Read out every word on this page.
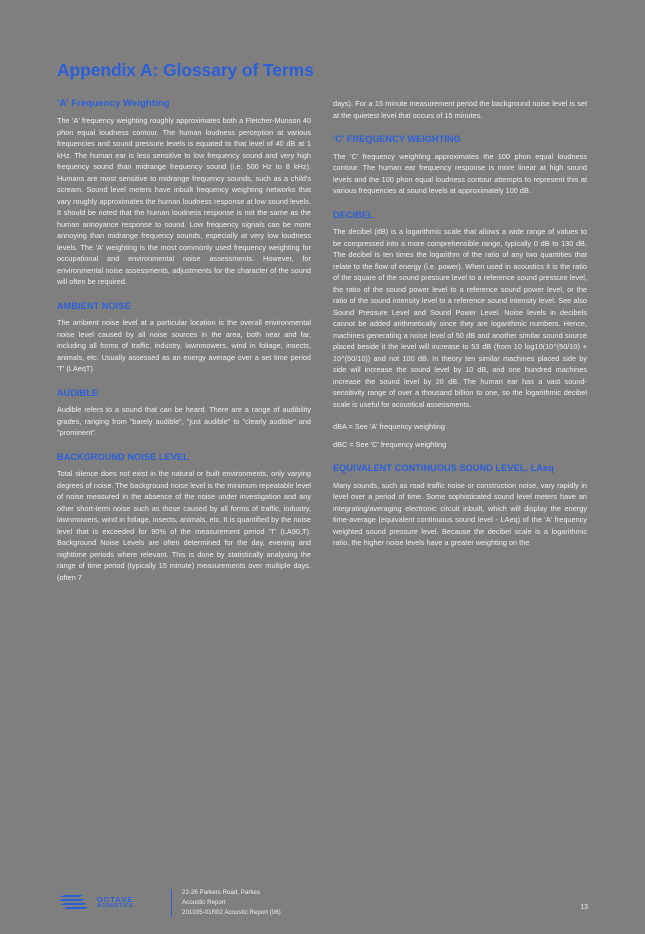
Appendix A: Glossary of Terms
'A' Frequency Weighting

The 'A' frequency weighting roughly approximates both a Fletcher-Munson 40 phon equal loudness contour. The human loudness perception at various frequencies and sound pressure levels is equated to that level of 40 dB at 1 kHz. The human ear is less sensitive to low frequency sound and very high frequency sound than midrange frequency sound (i.e. 500 Hz to 8 kHz). Humans are most sensitive to midrange frequency sounds, such as a child's scream. Sound level meters have inbuilt frequency weighting networks that vary roughly approximates the human loudness response at low sound levels. It should be noted that the human loudness response is not the same as the human annoyance response to sound. Low frequency signals can be more annoying than midrange frequency sounds, especially at very low loudness levels. The 'A' weighting is the most commonly used frequency weighting for occupational and environmental noise assessments. However, for environmental noise assessments, adjustments for the character of the sound will often be required.

AMBIENT NOISE

The ambient noise level at a particular location is the overall environmental noise level caused by all noise sources in the area, both near and far, including all forms of traffic, industry, lawnmowers, wind in foliage, insects, animals, etc. Usually assessed as an energy average over a set time period 'T' (LAeqT).

AUDIBLE

Audible refers to a sound that can be heard. There are a range of audibility grades, ranging from "barely audible", "just audible" to "clearly audible" and "prominent".

BACKGROUND NOISE LEVEL

Total silence does not exist in the natural or built environments, only varying degrees of noise. The background noise level is the minimum repeatable level of noise measured in the absence of the noise under investigation and any other short-term noise such as those caused by all forms of traffic, industry, lawnmowers, wind in foliage, insects, animals, etc. It is quantified by the noise level that is exceeded for 90% of the measurement period 'T' (LA90,T). Background Noise Levels are often determined for the day, evening and nighttime periods where relevant. This is done by statistically analysing the range of time period (typically 15 minute) measurements over multiple days. (often 7

days). For a 15 minute measurement period the background noise level is set at the quietest level that occurs of 15 minutes.

'C' FREQUENCY WEIGHTING

The 'C' frequency weighting approximates the 100 phon equal loudness contour. The human ear frequency response is more linear at high sound levels and the 100 phon equal loudness contour attempts to represent this at various frequencies at sound levels at approximately 100 dB.

DECIBEL

The decibel (dB) is a logarithmic scale that allows a wide range of values to be compressed into a more comprehensible range, typically 0 dB to 130 dB. The decibel is ten times the logarithm of the ratio of any two quantities that relate to the flow of energy (i.e. power). When used in acoustics it is the ratio of the square of the sound pressure level to a reference sound pressure level, the ratio of the sound power level to a reference sound power level, or the ratio of the sound intensity level to a reference sound intensity level. See also Sound Pressure Level and Sound Power Level. Noise levels in decibels cannot be added arithmetically since they are logarithmic numbers. Hence, machines generating a noise level of 50 dB and another similar sound source placed beside it the level will increase to 53 dB (from 10 log10(10^(50/10) + 10^(50/10)) and not 100 dB. In theory ten similar machines placed side by side will increase the sound level by 10 dB, and one hundred machines increase the sound level by 20 dB. The human ear has a vast sound-sensitivity range of over a thousand billion to one, so the logarithmic decibel scale is useful for acoustical assessments.

dBA = See 'A' frequency weighting

dBC = See 'C' frequency weighting

EQUIVALENT CONTINUOUS SOUND LEVEL, LAeq

Many sounds, such as road traffic noise or construction noise, vary rapidly in level over a period of time. Some sophisticated sound level meters have an integrating/averaging electronic circuit inbuilt, which will display the energy time-average (equivalent continuous sound level - LAeq) of the 'A' frequency weighted sound pressure level. Because the decibel scale is a logarithmic ratio, the higher noise levels have a greater weighting on the

OCTAVE
ACOUSTICS
22-26 Parkers Road, Parkes
Acoustic Report
201035-01R02 Acoustic Report (06)
13
